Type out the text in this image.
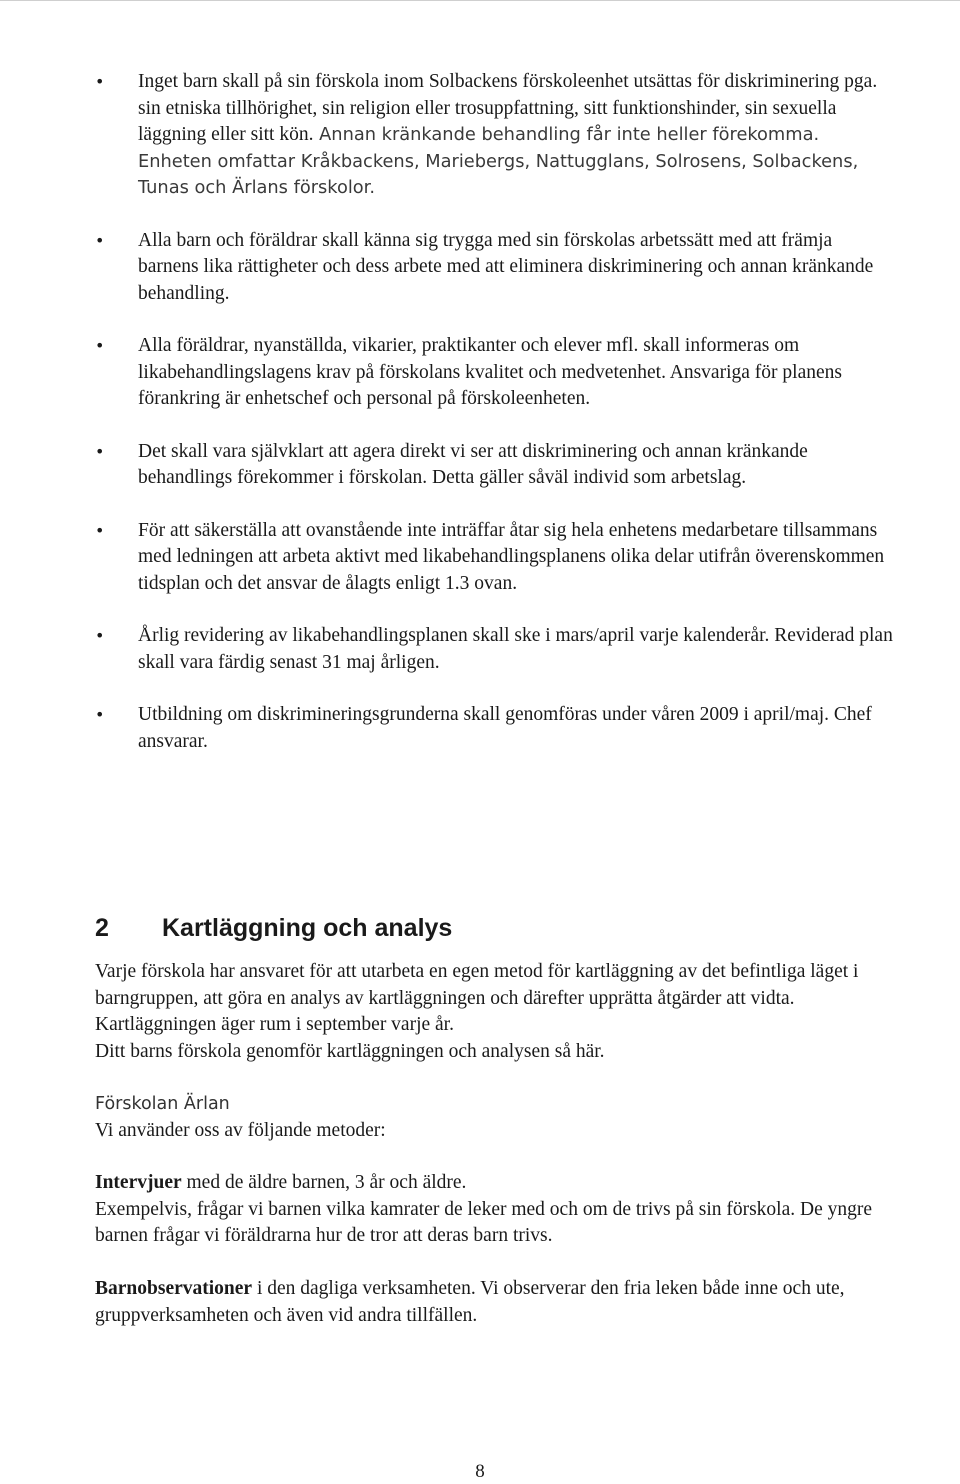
•
Inget barn skall på sin förskola inom Solbackens förskoleenhet utsättas för diskriminering pga. sin etniska tillhörighet, sin religion eller trosuppfattning, sitt funktionshinder, sin sexuella läggning eller sitt kön. Annan kränkande behandling får inte heller förekomma. Enheten omfattar Kråkbackens, Mariebergs, Nattugglans, Solrosens, Solbackens, Tunas och Ärlans förskolor.
•
Alla barn och föräldrar skall känna sig trygga med sin förskolas arbetssätt med att främja barnens lika rättigheter och dess arbete med att eliminera diskriminering och annan kränkande behandling.
•
Alla föräldrar, nyanställda, vikarier, praktikanter och elever mfl. skall informeras om likabehandlingslagens krav på förskolans kvalitet och medvetenhet. Ansvariga för planens förankring är enhetschef och personal på förskoleenheten.
•
Det skall vara självklart att agera direkt vi ser att diskriminering och annan kränkande behandlings förekommer i förskolan. Detta gäller såväl individ som arbetslag.
•
För att säkerställa att ovanstående inte inträffar åtar sig hela enhetens medarbetare tillsammans med ledningen att arbeta aktivt med likabehandlingsplanens olika delar utifrån överenskommen tidsplan och det ansvar de ålagts enligt 1.3 ovan.
•
Årlig revidering av likabehandlingsplanen skall ske i mars/april varje kalenderår. Reviderad plan skall vara färdig senast 31 maj årligen.
•
Utbildning om diskrimineringsgrunderna skall genomföras under våren 2009 i april/maj. Chef ansvarar.
2 Kartläggning och analys
Varje förskola har ansvaret för att utarbeta en egen metod för kartläggning av det befintliga läget i barngruppen, att göra en analys av kartläggningen och därefter upprätta åtgärder att vidta. Kartläggningen äger rum i september varje år.
Ditt barns förskola genomför kartläggningen och analysen så här.
Förskolan Ärlan
Vi använder oss av följande metoder:
Intervjuer med de äldre barnen, 3 år och äldre.
Exempelvis, frågar vi barnen vilka kamrater de leker med och om de trivs på sin förskola. De yngre barnen frågar vi föräldrarna hur de tror att deras barn trivs.
Barnobservationer i den dagliga verksamheten. Vi observerar den fria leken både inne och ute, gruppverksamheten och även vid andra tillfällen.
8
